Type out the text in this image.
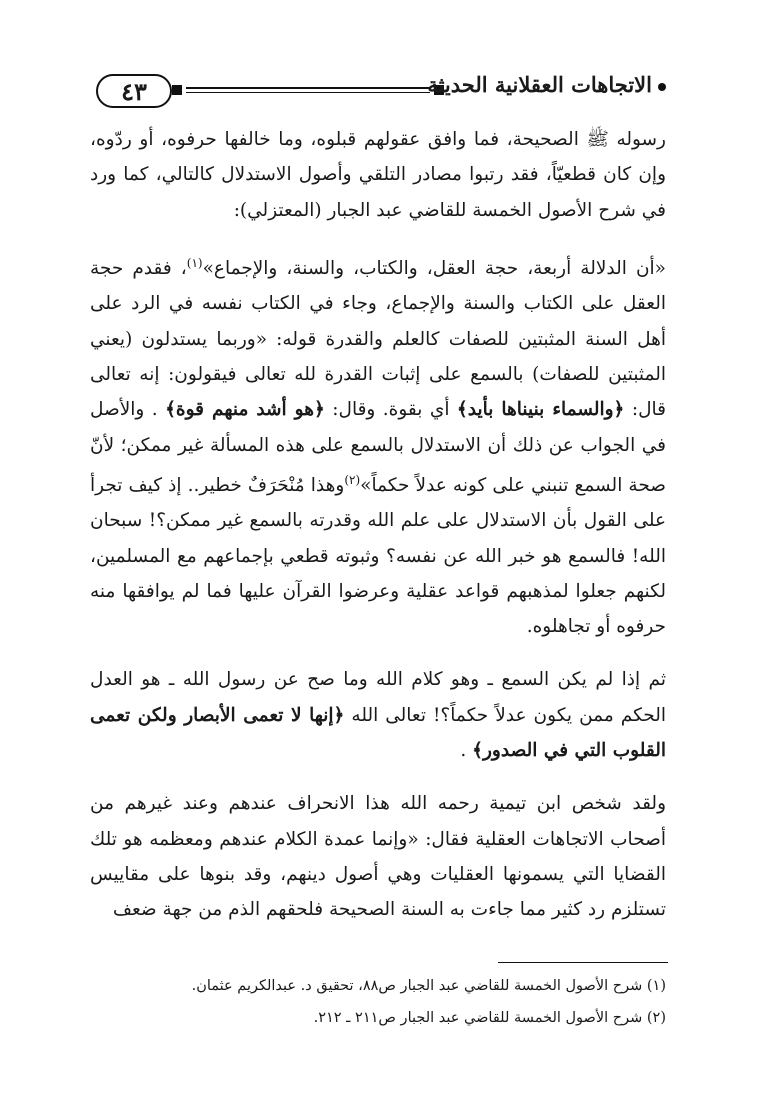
٤٣	الاتجاهات العقلانية الحديثة

رسوله ﷺ الصحيحة، فما وافق عقولهم قبلوه، وما خالفها حرفوه، أو ردّوه، وإن كان قطعيّاً، فقد رتبوا مصادر التلقي وأصول الاستدلال كالتالي، كما ورد في شرح الأصول الخمسة للقاضي عبد الجبار (المعتزلي):

«أن الدلالة أربعة، حجة العقل، والكتاب، والسنة، والإجماع»$^{(١)}$، فقدم حجة العقل على الكتاب والسنة والإجماع، وجاء في الكتاب نفسه في الرد على أهل السنة المثبتين للصفات كالعلم والقدرة قوله: «وربما يستدلون (يعني المثبتين للصفات) بالسمع على إثبات القدرة لله تعالى فيقولون: إنه تعالى قال: ﴿والسماء بنيناها بأيد﴾ أي بقوة. وقال: ﴿هو أشد منهم قوة﴾ . والأصل في الجواب عن ذلك أن الاستدلال بالسمع على هذه المسألة غير ممكن؛ لأنّ صحة السمع تنبني على كونه عدلاً حكماً»$^{(٢)}$وهذا مُنْحَرَفٌ خطير.. إذ كيف تجرأ على القول بأن الاستدلال على علم الله وقدرته بالسمع غير ممكن؟! سبحان الله! فالسمع هو خبر الله عن نفسه؟ وثبوته قطعي بإجماعهم مع المسلمين، لكنهم جعلوا لمذهبهم قواعد عقلية وعرضوا القرآن عليها فما لم يوافقها منه حرفوه أو تجاهلوه.

ثم إذا لم يكن السمع ـ وهو كلام الله وما صح عن رسول الله ـ هو العدل الحكم ممن يكون عدلاً حكماً؟! تعالى الله ﴿إنها لا تعمى الأبصار ولكن تعمى القلوب التي في الصدور﴾ .

ولقد شخص ابن تيمية رحمه الله هذا الانحراف عندهم وعند غيرهم من أصحاب الاتجاهات العقلية فقال: «وإنما عمدة الكلام عندهم ومعظمه هو تلك القضايا التي يسمونها العقليات وهي أصول دينهم، وقد بنوها على مقاييس تستلزم رد كثير مما جاءت به السنة الصحيحة فلحقهم الذم من جهة ضعف

(١) شرح الأصول الخمسة للقاضي عبد الجبار ص٨٨، تحقيق د. عبدالكريم عثمان.

(٢) شرح الأصول الخمسة للقاضي عبد الجبار ص٢١١ ـ ٢١٢.
